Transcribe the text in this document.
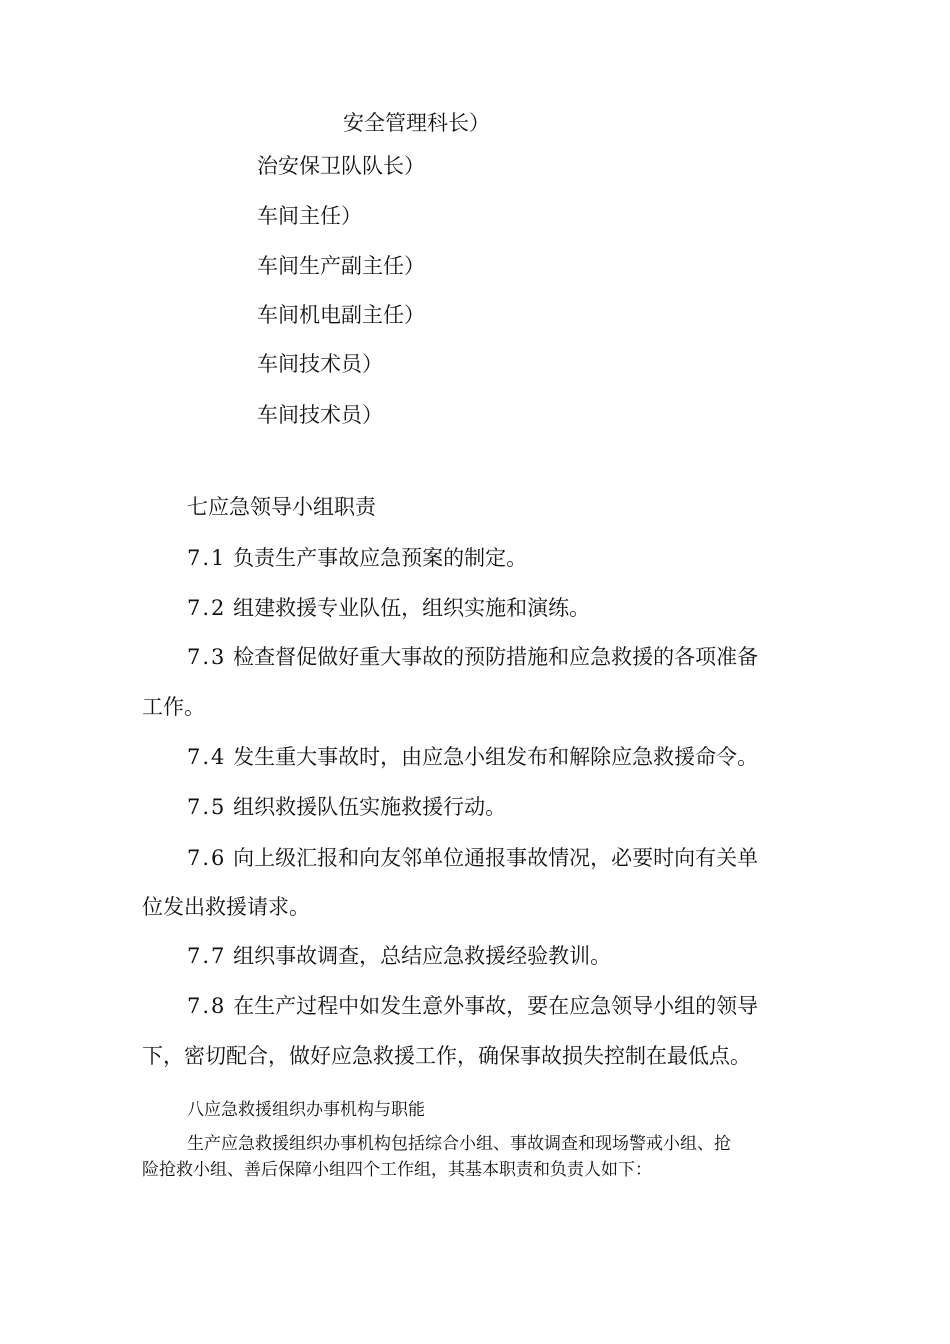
安全管理科长）
治安保卫队队长）
车间主任）
车间生产副主任）
车间机电副主任）
车间技术员）
车间技术员）
七应急领导小组职责
7.1 负责生产事故应急预案的制定。
7.2 组建救援专业队伍，组织实施和演练。
7.3 检查督促做好重大事故的预防措施和应急救援的各项准备
工作。
7.4 发生重大事故时，由应急小组发布和解除应急救援命令。
7.5 组织救援队伍实施救援行动。
7.6 向上级汇报和向友邻单位通报事故情况，必要时向有关单
位发出救援请求。
7.7 组织事故调查，总结应急救援经验教训。
7.8 在生产过程中如发生意外事故，要在应急领导小组的领导
下，密切配合，做好应急救援工作，确保事故损失控制在最低点。
八应急救援组织办事机构与职能
生产应急救援组织办事机构包括综合小组、事故调查和现场警戒小组、抢
险抢救小组、善后保障小组四个工作组，其基本职责和负责人如下：
